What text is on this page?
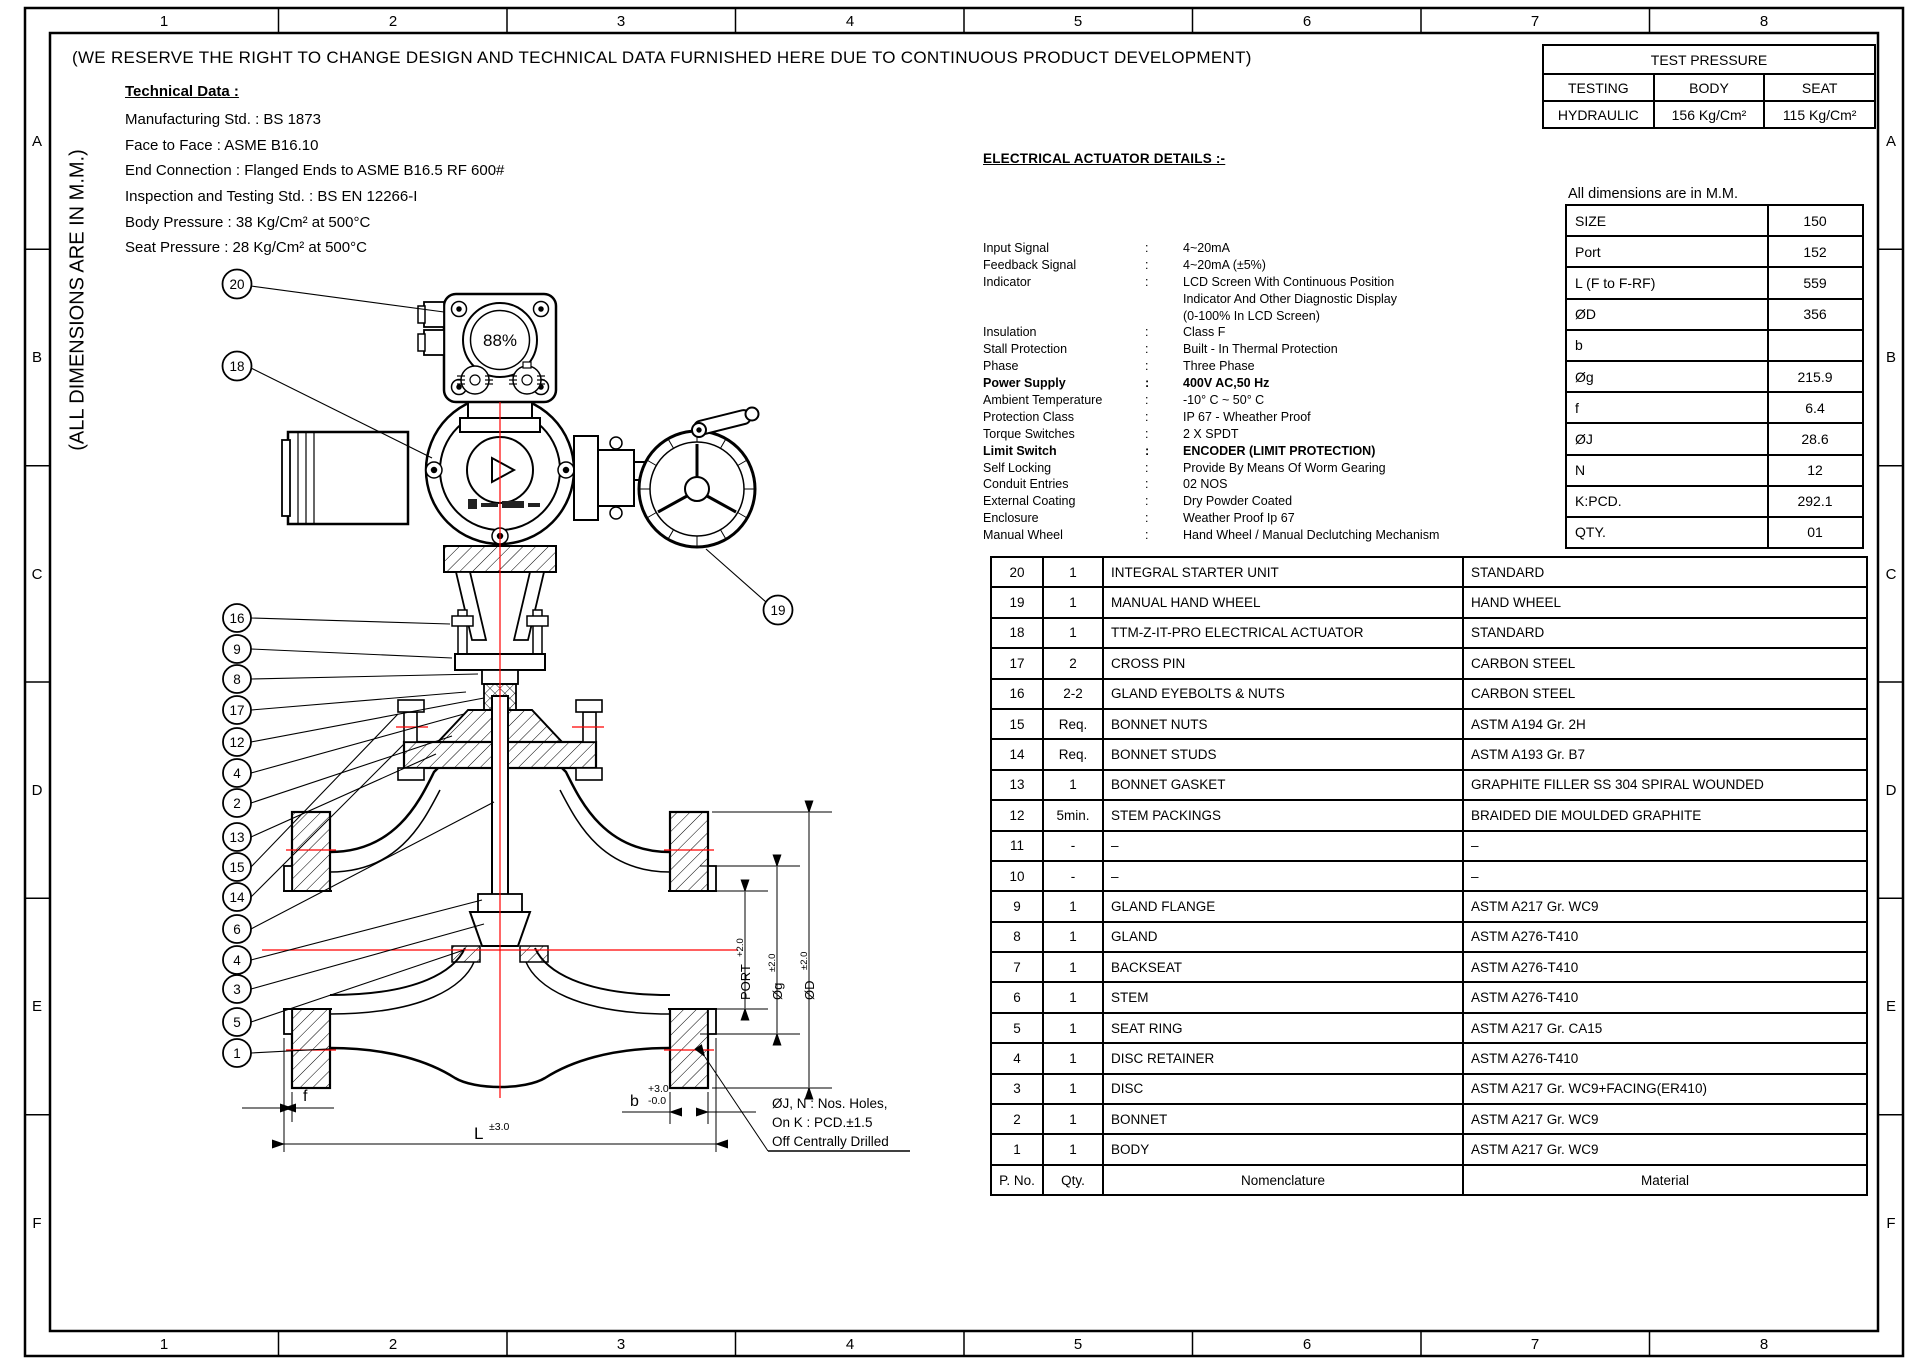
1	2	3	4	5	6	7	8
1	2	3	4	5	6	7	8
A
B
C
D
E
F
A
B
C
D
E
F
f	b
+3.0
-0.0
L ±3.0
PORT
+2.0
Øg
±2.0
ØD
±2.0
ØJ, N : Nos. Holes,
On K : PCD.±1.5
Off Centrally Drilled
20
18
19
16
9
8
17
12
4
2
13
15
14
6
4
3
5
1
88%
(WE RESERVE THE RIGHT TO CHANGE DESIGN AND TECHNICAL DATA FURNISHED HERE DUE TO CONTINUOUS PRODUCT DEVELOPMENT)
(ALL DIMENSIONS ARE IN M.M.)
Technical Data :
Manufacturing Std. : BS 1873
Face to Face : ASME B16.10
End Connection : Flanged Ends to ASME B16.5 RF 600#
Inspection and Testing Std. : BS EN 12266-I
Body Pressure : 38 Kg/Cm² at 500°C
Seat Pressure : 28 Kg/Cm² at 500°C
TEST PRESSURE		
TESTING	BODY	SEAT
HYDRAULIC	156 Kg/Cm²	115 Kg/Cm²
All dimensions are in M.M.
SIZE	150
Port	152
L (F to F-RF)	559
ØD	356
b	
Øg	215.9
f	6.4
ØJ	28.6
N	12
K:PCD.	292.1
QTY.	01
ELECTRICAL ACTUATOR DETAILS :-
Input Signal	:	4~20mA
Feedback Signal	:	4~20mA (±5%)
Indicator	:	LCD Screen With Continuous Position
Indicator And Other Diagnostic Display
(0-100% In LCD Screen)
Insulation	:	Class F
Stall Protection	:	Built - In Thermal Protection
Phase	:	Three Phase
Power Supply	:	400V AC,50 Hz
Ambient Temperature	:	-10° C ~ 50° C
Protection Class	:	IP 67 - Wheather Proof
Torque Switches	:	2 X SPDT
Limit Switch	:	ENCODER (LIMIT PROTECTION)
Self Locking	:	Provide By Means Of Worm Gearing
Conduit Entries	:	02 NOS
External Coating	:	Dry Powder Coated
Enclosure	:	Weather Proof Ip 67
Manual Wheel	:	Hand Wheel / Manual Declutching Mechanism
20	1	INTEGRAL STARTER UNIT	STANDARD
19	1	MANUAL HAND WHEEL	HAND WHEEL
18	1	TTM-Z-IT-PRO ELECTRICAL ACTUATOR	STANDARD
17	2	CROSS PIN	CARBON STEEL
16	2-2	GLAND EYEBOLTS & NUTS	CARBON STEEL
15	Req.	BONNET NUTS	ASTM A194 Gr. 2H
14	Req.	BONNET STUDS	ASTM A193 Gr. B7
13	1	BONNET GASKET	GRAPHITE FILLER SS 304 SPIRAL WOUNDED
12	5min.	STEM PACKINGS	BRAIDED DIE MOULDED GRAPHITE
11	-	–	–
10	-	–	–
9	1	GLAND FLANGE	ASTM A217 Gr. WC9
8	1	GLAND	ASTM A276-T410
7	1	BACKSEAT	ASTM A276-T410
6	1	STEM	ASTM A276-T410
5	1	SEAT RING	ASTM A217 Gr. CA15
4	1	DISC RETAINER	ASTM A276-T410
3	1	DISC	ASTM A217 Gr. WC9+FACING(ER410)
2	1	BONNET	ASTM A217 Gr. WC9
1	1	BODY	ASTM A217 Gr. WC9
P. No.	Qty.	Nomenclature	Material
